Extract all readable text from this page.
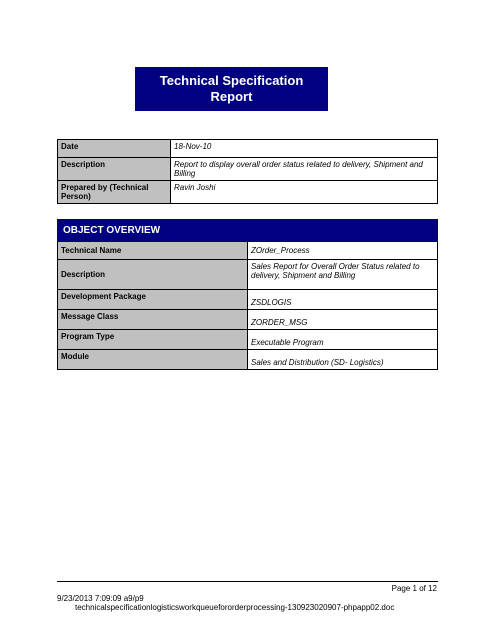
Technical Specification
Report
Date	18-Nov-10
Description	Report to display overall order status related to delivery, Shipment and Billing
Prepared by (Technical Person)	Ravin Joshi
OBJECT OVERVIEW	
Technical Name	ZOrder_Process
Description	Sales Report for Overall Order Status related to delivery, Shipment and Billing
Development Package	ZSDLOGIS
Message Class	ZORDER_MSG
Program Type	Executable Program
Module	Sales and Distribution (SD- Logistics)
Page 1 of 12
9/23/2013 7:09:09 a9/p9
technicalspecificationlogisticsworkqueuefororderprocessing-130923020907-phpapp02.doc
